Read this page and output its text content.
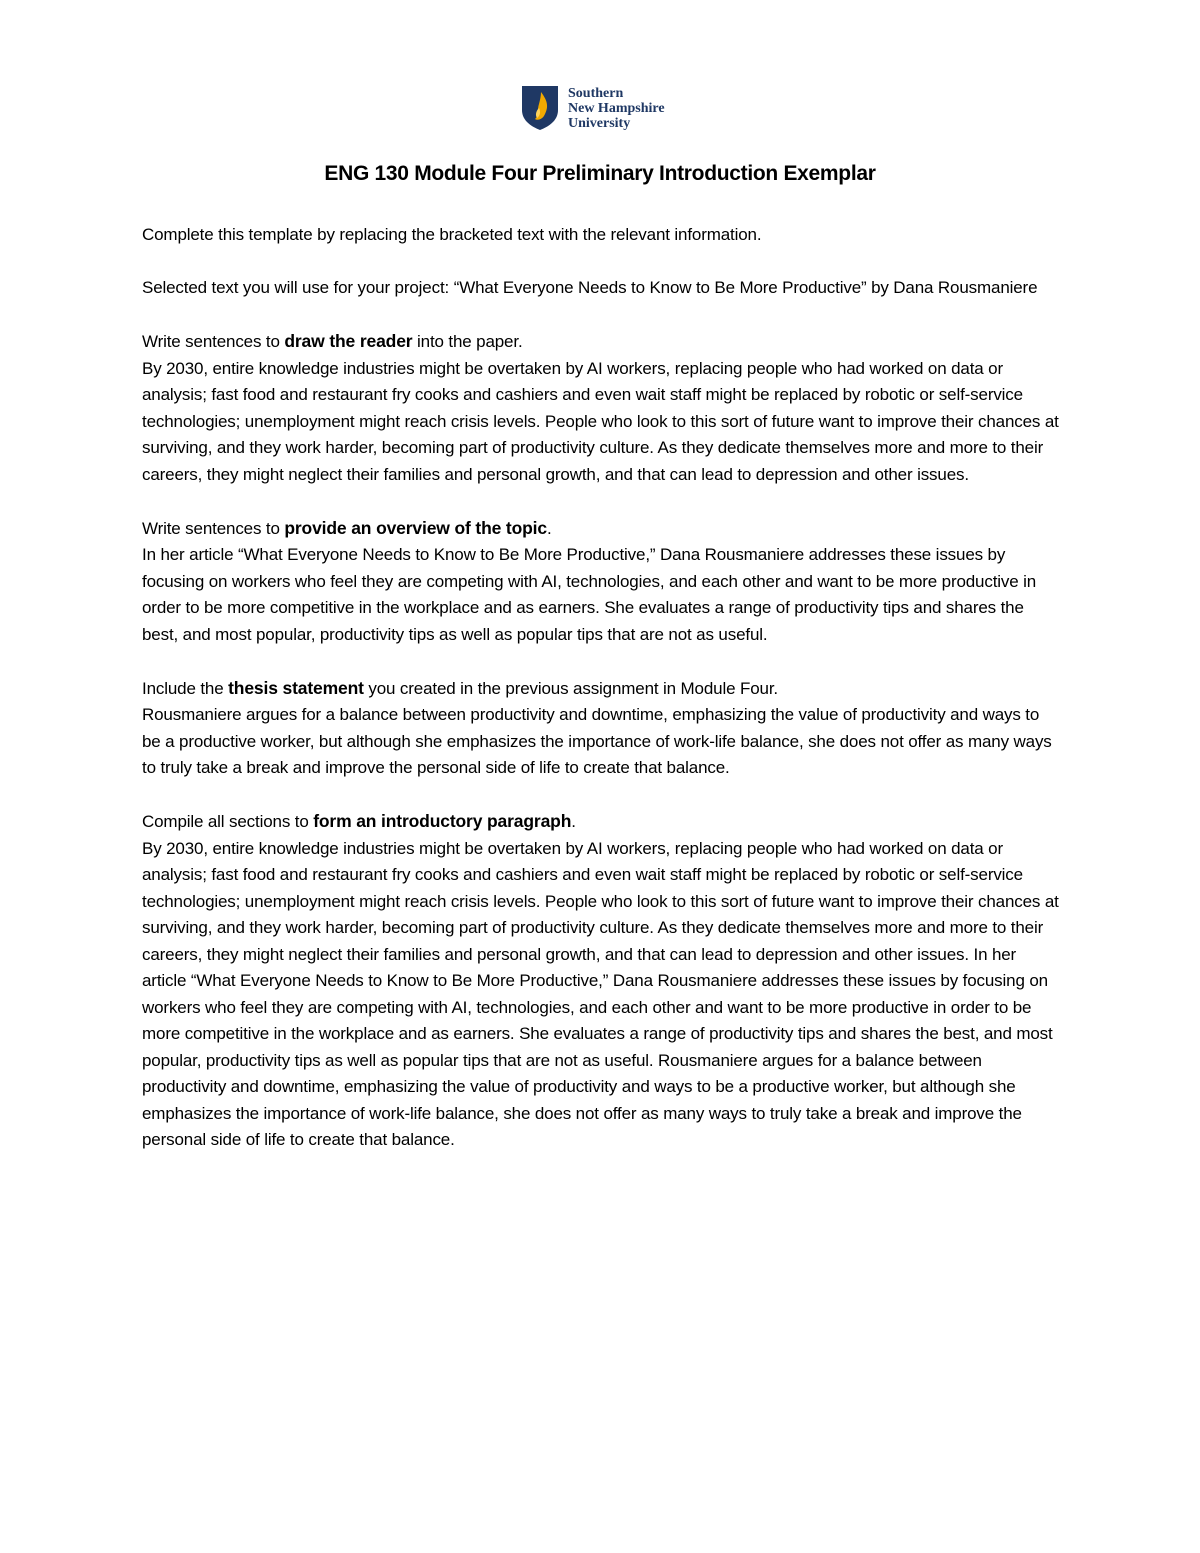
Southern
New Hampshire
University
ENG 130 Module Four Preliminary Introduction Exemplar

Complete this template by replacing the bracketed text with the relevant information.

Selected text you will use for your project: “What Everyone Needs to Know to Be More Productive” by Dana Rousmaniere

Write sentences to draw the reader into the paper.

By 2030, entire knowledge industries might be overtaken by AI workers, replacing people who had worked on data or analysis; fast food and restaurant fry cooks and cashiers and even wait staff might be replaced by robotic or self-service technologies; unemployment might reach crisis levels. People who look to this sort of future want to improve their chances at surviving, and they work harder, becoming part of productivity culture. As they dedicate themselves more and more to their careers, they might neglect their families and personal growth, and that can lead to depression and other issues.

Write sentences to provide an overview of the topic.

In her article “What Everyone Needs to Know to Be More Productive,” Dana Rousmaniere addresses these issues by focusing on workers who feel they are competing with AI, technologies, and each other and want to be more productive in order to be more competitive in the workplace and as earners. She evaluates a range of productivity tips and shares the best, and most popular, productivity tips as well as popular tips that are not as useful.

Include the thesis statement you created in the previous assignment in Module Four.

Rousmaniere argues for a balance between productivity and downtime, emphasizing the value of productivity and ways to be a productive worker, but although she emphasizes the importance of work-life balance, she does not offer as many ways to truly take a break and improve the personal side of life to create that balance.

Compile all sections to form an introductory paragraph.

By 2030, entire knowledge industries might be overtaken by AI workers, replacing people who had worked on data or analysis; fast food and restaurant fry cooks and cashiers and even wait staff might be replaced by robotic or self-service technologies; unemployment might reach crisis levels. People who look to this sort of future want to improve their chances at surviving, and they work harder, becoming part of productivity culture. As they dedicate themselves more and more to their careers, they might neglect their families and personal growth, and that can lead to depression and other issues. In her article “What Everyone Needs to Know to Be More Productive,” Dana Rousmaniere addresses these issues by focusing on workers who feel they are competing with AI, technologies, and each other and want to be more productive in order to be more competitive in the workplace and as earners. She evaluates a range of productivity tips and shares the best, and most popular, productivity tips as well as popular tips that are not as useful. Rousmaniere argues for a balance between productivity and downtime, emphasizing the value of productivity and ways to be a productive worker, but although she emphasizes the importance of work-life balance, she does not offer as many ways to truly take a break and improve the personal side of life to create that balance.
